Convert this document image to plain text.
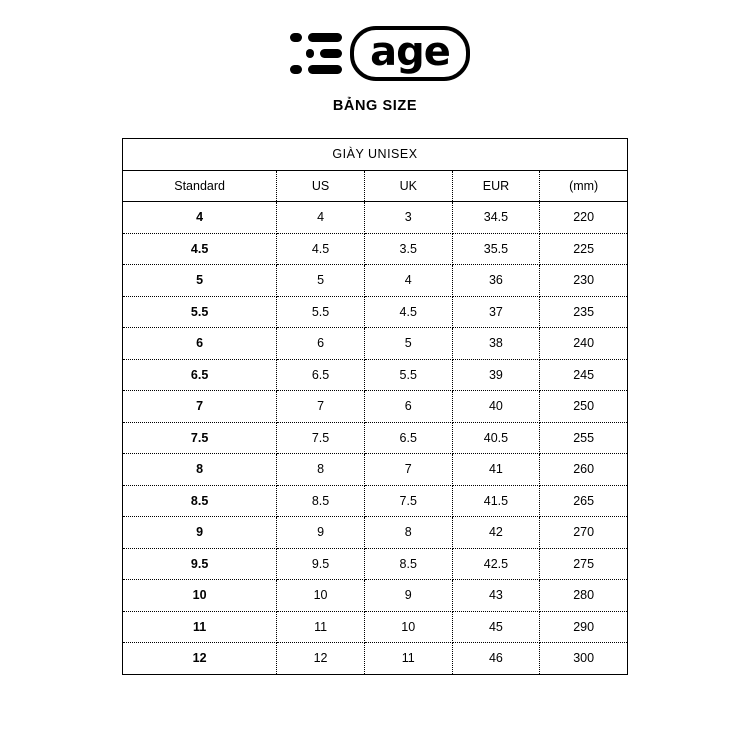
age
BẢNG SIZE
GIÀY UNISEX				
Standard	US	UK	EUR	(mm)
4	4	3	34.5	220
4.5	4.5	3.5	35.5	225
5	5	4	36	230
5.5	5.5	4.5	37	235
6	6	5	38	240
6.5	6.5	5.5	39	245
7	7	6	40	250
7.5	7.5	6.5	40.5	255
8	8	7	41	260
8.5	8.5	7.5	41.5	265
9	9	8	42	270
9.5	9.5	8.5	42.5	275
10	10	9	43	280
11	11	10	45	290
12	12	11	46	300
